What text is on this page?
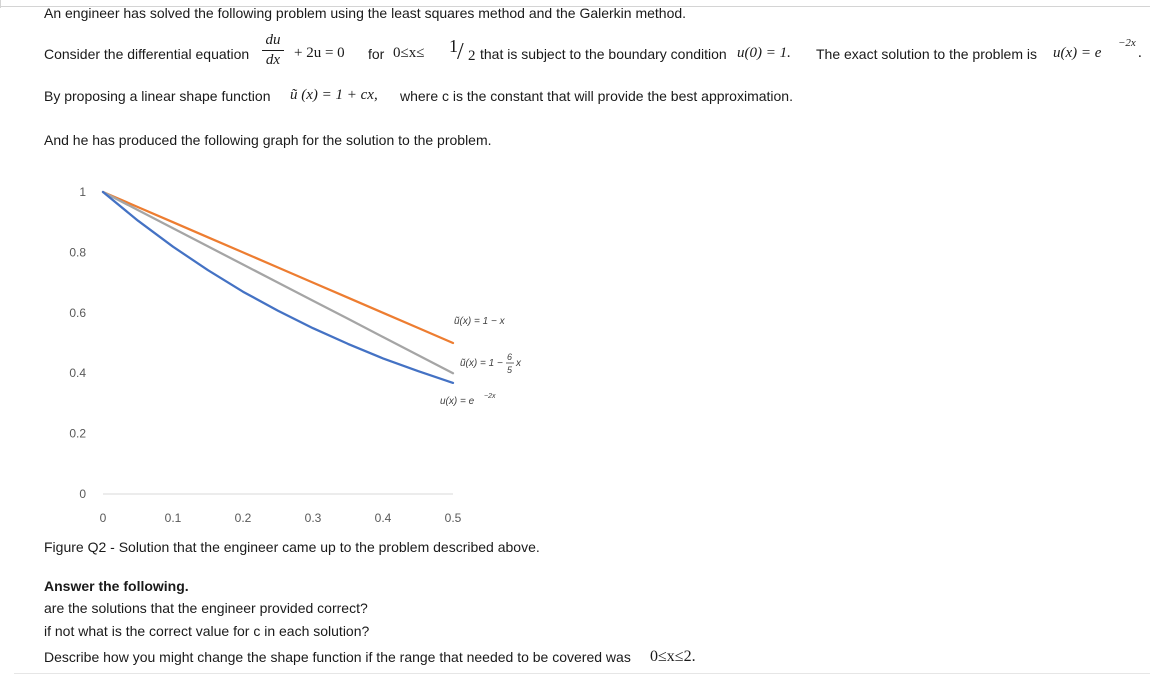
An engineer has solved the following problem using the least squares method and the Galerkin method.
Consider the differential equation
du
dx + 2u = 0 for 0≤x≤ 1 / 2 that is subject to the boundary condition u(0) = 1. The exact solution to the problem is u(x) = e
−2x
.
By proposing a linear shape function ũ (x) = 1 + cx, where c is the constant that will provide the best approximation.
And he has produced the following graph for the solution to the problem.
0
0.2
0.4
0.6
0.8
1
0	0.1	0.2	0.3	0.4	0.5
ũ(x) = 1 − x
ũ(x) = 1 −
6
5
x
u(x) = e −2x
Figure Q2 - Solution that the engineer came up to the problem described above.
Answer the following.
are the solutions that the engineer provided correct?
if not what is the correct value for c in each solution?
Describe how you might change the shape function if the range that needed to be covered was 0≤x≤2.
